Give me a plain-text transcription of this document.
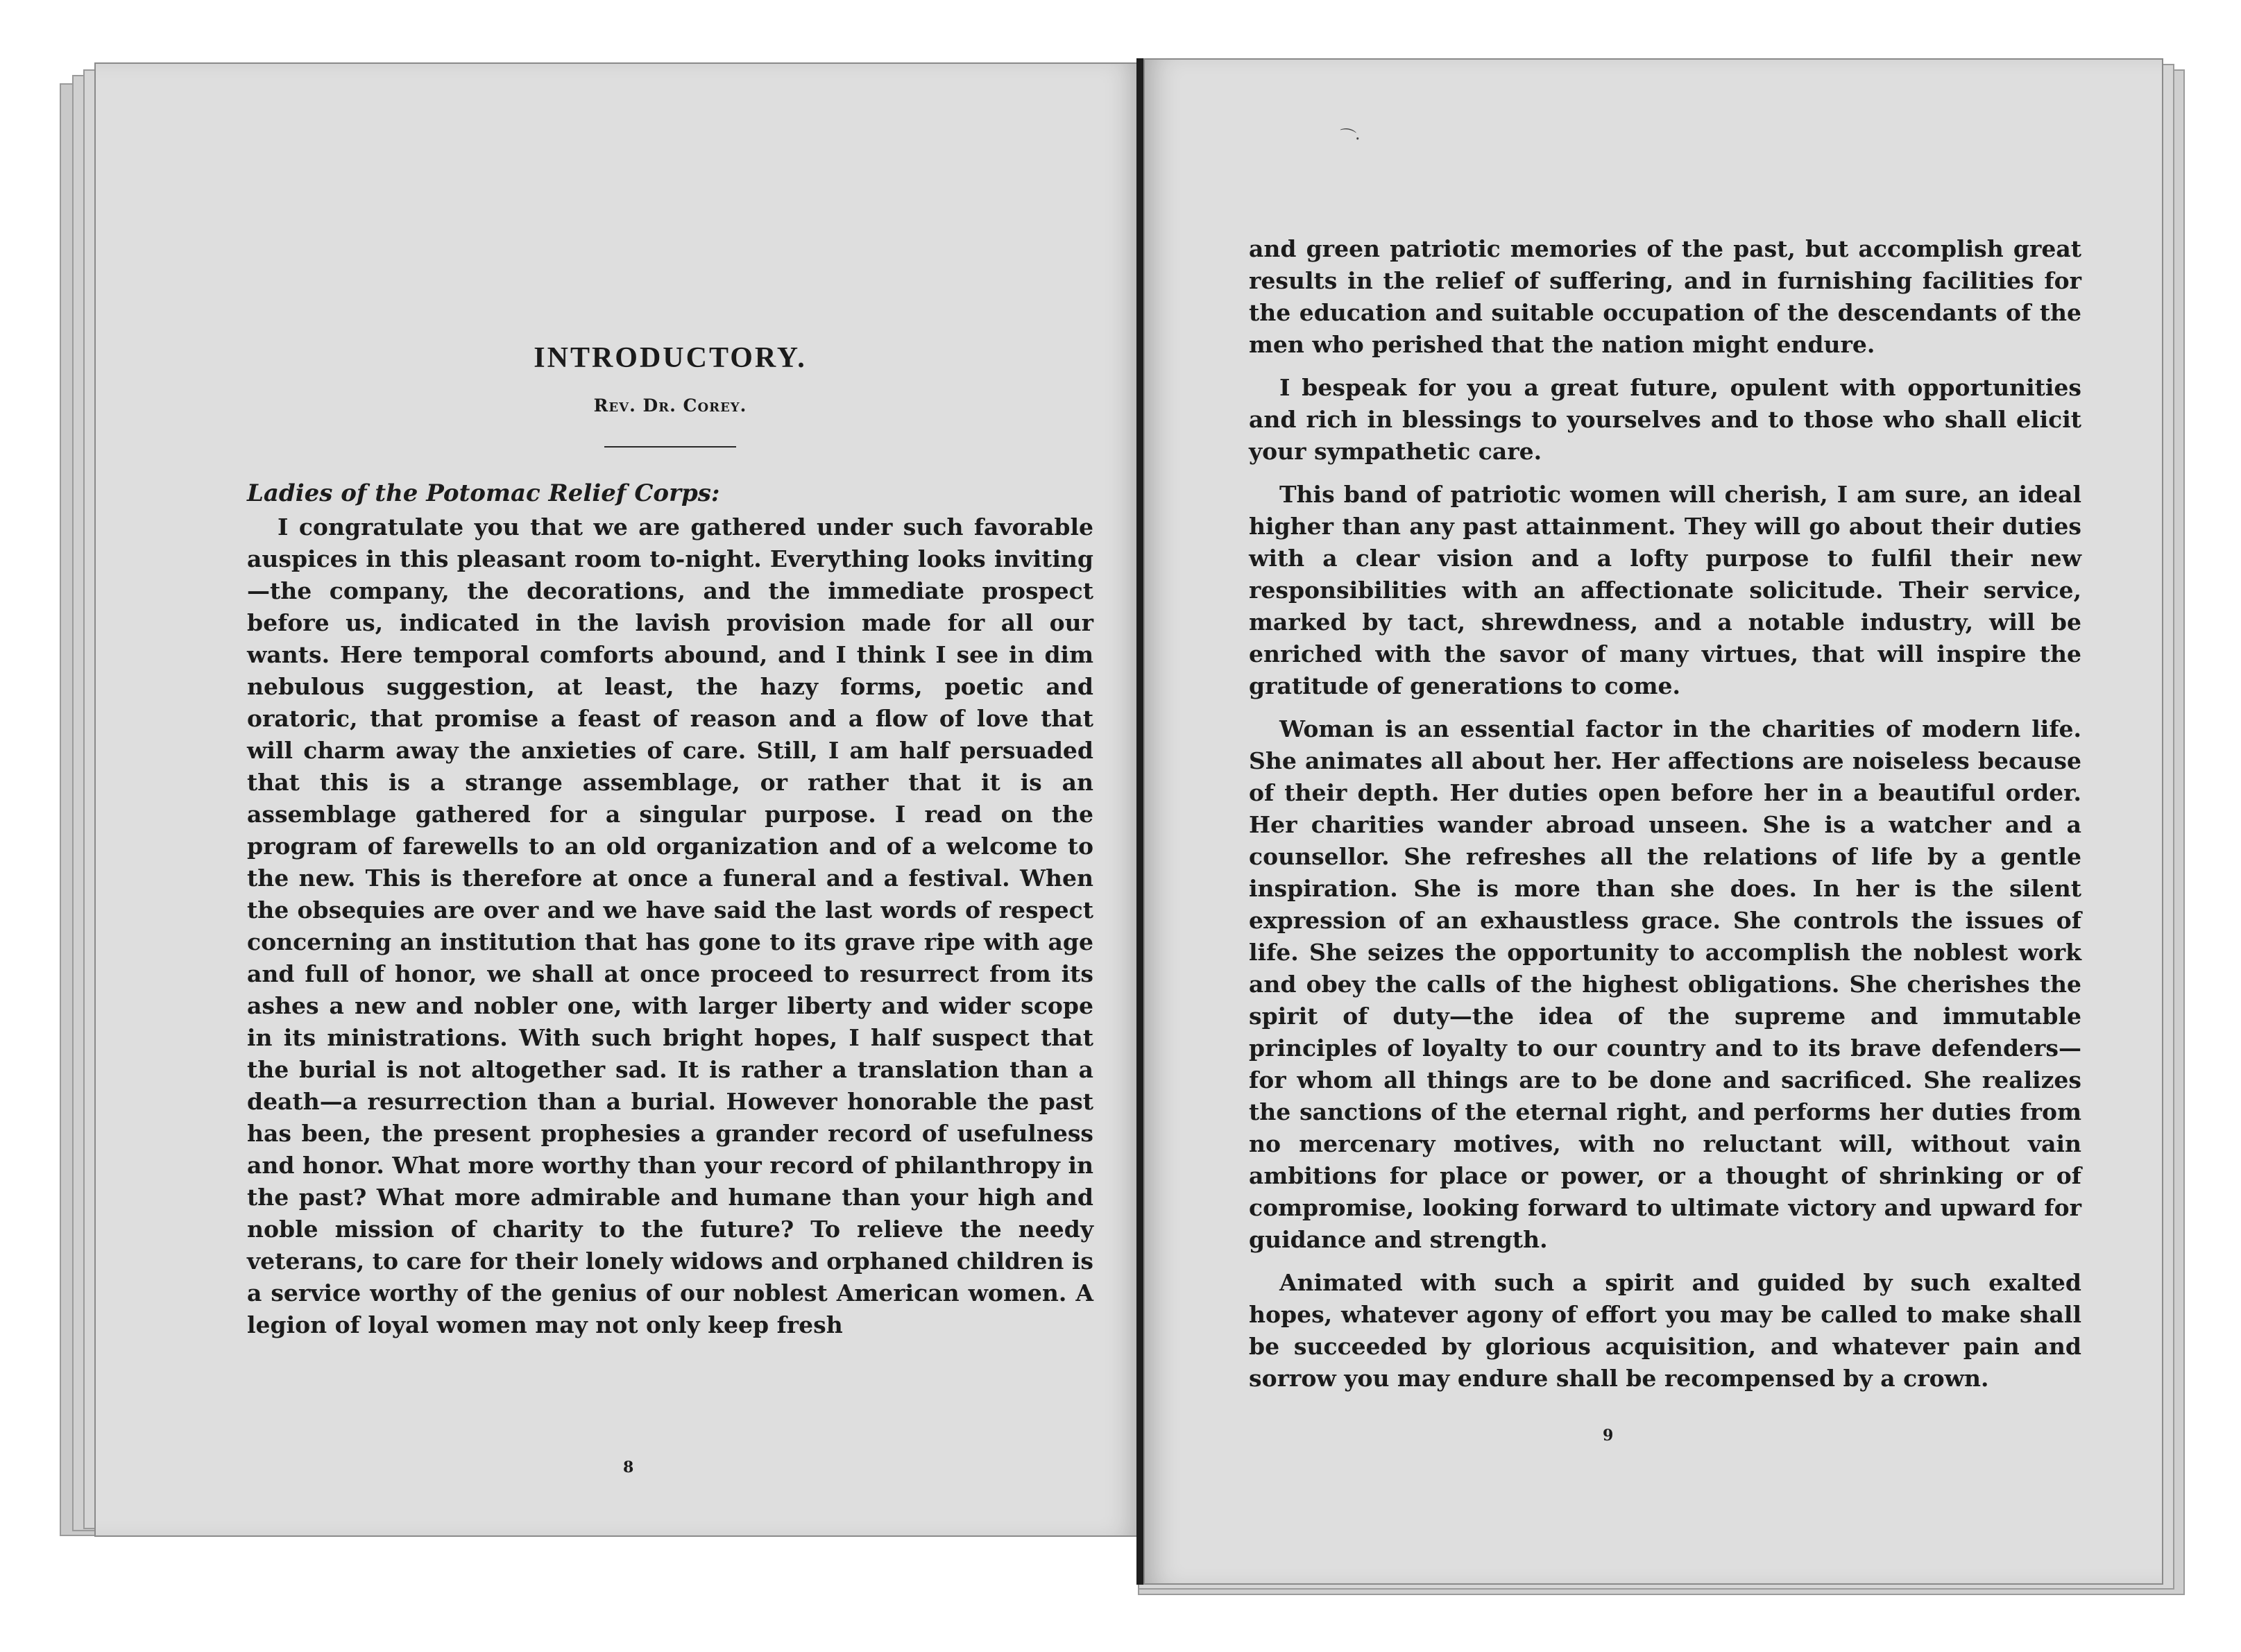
INTRODUCTORY.
Rev. Dr. Corey.
Ladies of the Potomac Relief Corps:

I congratulate you that we are gathered under such favorable auspices in this pleasant room to-night. Everything looks inviting—the company, the decorations, and the immediate prospect before us, indicated in the lavish provision made for all our wants. Here temporal comforts abound, and I think I see in dim nebulous suggestion, at least, the hazy forms, poetic and oratoric, that promise a feast of reason and a flow of love that will charm away the anxieties of care. Still, I am half persuaded that this is a strange assemblage, or rather that it is an assemblage gathered for a singular purpose. I read on the program of farewells to an old organization and of a welcome to the new. This is therefore at once a funeral and a festival. When the obsequies are over and we have said the last words of respect concerning an institution that has gone to its grave ripe with age and full of honor, we shall at once proceed to resurrect from its ashes a new and nobler one, with larger liberty and wider scope in its ministrations. With such bright hopes, I half suspect that the burial is not altogether sad. It is rather a translation than a death—a resurrection than a burial. However honorable the past has been, the present prophesies a grander record of usefulness and honor. What more worthy than your record of philanthropy in the past? What more admirable and humane than your high and noble mission of charity to the future? To relieve the needy veterans, to care for their lonely widows and orphaned children is a service worthy of the genius of our noblest American women. A legion of loyal women may not only keep fresh

8
⌒⸱

and green patriotic memories of the past, but accomplish great results in the relief of suffering, and in furnishing facilities for the education and suitable occupation of the descendants of the men who perished that the nation might endure.

I bespeak for you a great future, opulent with opportunities and rich in blessings to yourselves and to those who shall elicit your sympathetic care.

This band of patriotic women will cherish, I am sure, an ideal higher than any past attainment. They will go about their duties with a clear vision and a lofty purpose to fulfil their new responsibilities with an affectionate solicitude. Their service, marked by tact, shrewdness, and a notable industry, will be enriched with the savor of many virtues, that will inspire the gratitude of generations to come.

Woman is an essential factor in the charities of modern life. She animates all about her. Her affections are noiseless because of their depth. Her duties open before her in a beautiful order. Her charities wander abroad unseen. She is a watcher and a counsellor. She refreshes all the relations of life by a gentle inspiration. She is more than she does. In her is the silent expression of an exhaustless grace. She controls the issues of life. She seizes the opportunity to accomplish the noblest work and obey the calls of the highest obligations. She cherishes the spirit of duty—the idea of the supreme and immutable principles of loyalty to our country and to its brave defenders—for whom all things are to be done and sacrificed. She realizes the sanctions of the eternal right, and performs her duties from no mercenary motives, with no reluctant will, without vain ambitions for place or power, or a thought of shrinking or of compromise, looking forward to ultimate victory and upward for guidance and strength.

Animated with such a spirit and guided by such exalted hopes, whatever agony of effort you may be called to make shall be succeeded by glorious acquisition, and whatever pain and sorrow you may endure shall be recompensed by a crown.

9
